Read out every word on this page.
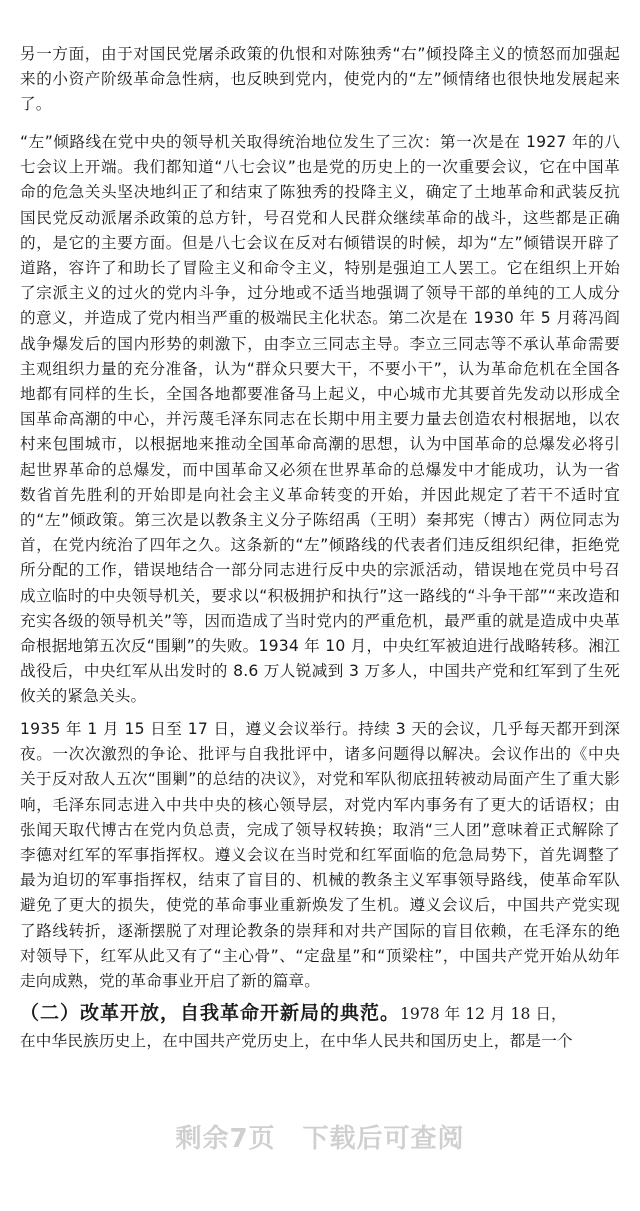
另一方面，由于对国民党屠杀政策的仇恨和对陈独秀“右”倾投降主义的愤怒而加强起来的小资产阶级革命急性病，也反映到党内，使党内的“左”倾情绪也很快地发展起来了。

“左”倾路线在党中央的领导机关取得统治地位发生了三次：第一次是在 1927 年的八七会议上开端。我们都知道“八七会议”也是党的历史上的一次重要会议，它在中国革命的危急关头坚决地纠正了和结束了陈独秀的投降主义，确定了土地革命和武装反抗国民党反动派屠杀政策的总方针，号召党和人民群众继续革命的战斗，这些都是正确的，是它的主要方面。但是八七会议在反对右倾错误的时候，却为“左”倾错误开辟了道路，容许了和助长了冒险主义和命令主义，特别是强迫工人罢工。它在组织上开始了宗派主义的过火的党内斗争，过分地或不适当地强调了领导干部的单纯的工人成分的意义，并造成了党内相当严重的极端民主化状态。第二次是在 1930 年 5 月蒋冯阎战争爆发后的国内形势的刺激下，由李立三同志主导。李立三同志等不承认革命需要主观组织力量的充分准备，认为“群众只要大干，不要小干”，认为革命危机在全国各地都有同样的生长，全国各地都要准备马上起义，中心城市尤其要首先发动以形成全国革命高潮的中心，并污蔑毛泽东同志在长期中用主要力量去创造农村根据地，以农村来包围城市，以根据地来推动全国革命高潮的思想，认为中国革命的总爆发必将引起世界革命的总爆发，而中国革命又必须在世界革命的总爆发中才能成功，认为一省数省首先胜利的开始即是向社会主义革命转变的开始，并因此规定了若干不适时宜的“左”倾政策。第三次是以教条主义分子陈绍禹（王明）秦邦宪（博古）两位同志为首，在党内统治了四年之久。这条新的“左”倾路线的代表者们违反组织纪律，拒绝党所分配的工作，错误地结合一部分同志进行反中央的宗派活动，错误地在党员中号召成立临时的中央领导机关，要求以“积极拥护和执行”这一路线的“斗争干部”“来改造和充实各级的领导机关”等，因而造成了当时党内的严重危机，最严重的就是造成中央革命根据地第五次反“围剿”的失败。1934 年 10 月，中央红军被迫进行战略转移。湘江战役后，中央红军从出发时的 8.6 万人锐减到 3 万多人，中国共产党和红军到了生死攸关的紧急关头。

1935 年 1 月 15 日至 17 日，遵义会议举行。持续 3 天的会议，几乎每天都开到深夜。一次次激烈的争论、批评与自我批评中，诸多问题得以解决。会议作出的《中央关于反对敌人五次“围剿”的总结的决议》，对党和军队彻底扭转被动局面产生了重大影响，毛泽东同志进入中共中央的核心领导层，对党内军内事务有了更大的话语权；由张闻天取代博古在党内负总责，完成了领导权转换；取消“三人团”意味着正式解除了李德对红军的军事指挥权。遵义会议在当时党和红军面临的危急局势下，首先调整了最为迫切的军事指挥权，结束了盲目的、机械的教条主义军事领导路线，使革命军队避免了更大的损失，使党的革命事业重新焕发了生机。遵义会议后，中国共产党实现了路线转折，逐渐摆脱了对理论教条的崇拜和对共产国际的盲目依赖，在毛泽东的绝对领导下，红军从此又有了“主心骨”、“定盘星”和“顶梁柱”，中国共产党开始从幼年走向成熟，党的革命事业开启了新的篇章。

（二）改革开放，自我革命开新局的典范。1978 年 12 月 18 日，

在中华民族历史上，在中国共产党历史上，在中华人民共和国历史上，都是一个

剩余7页　下载后可查阅
